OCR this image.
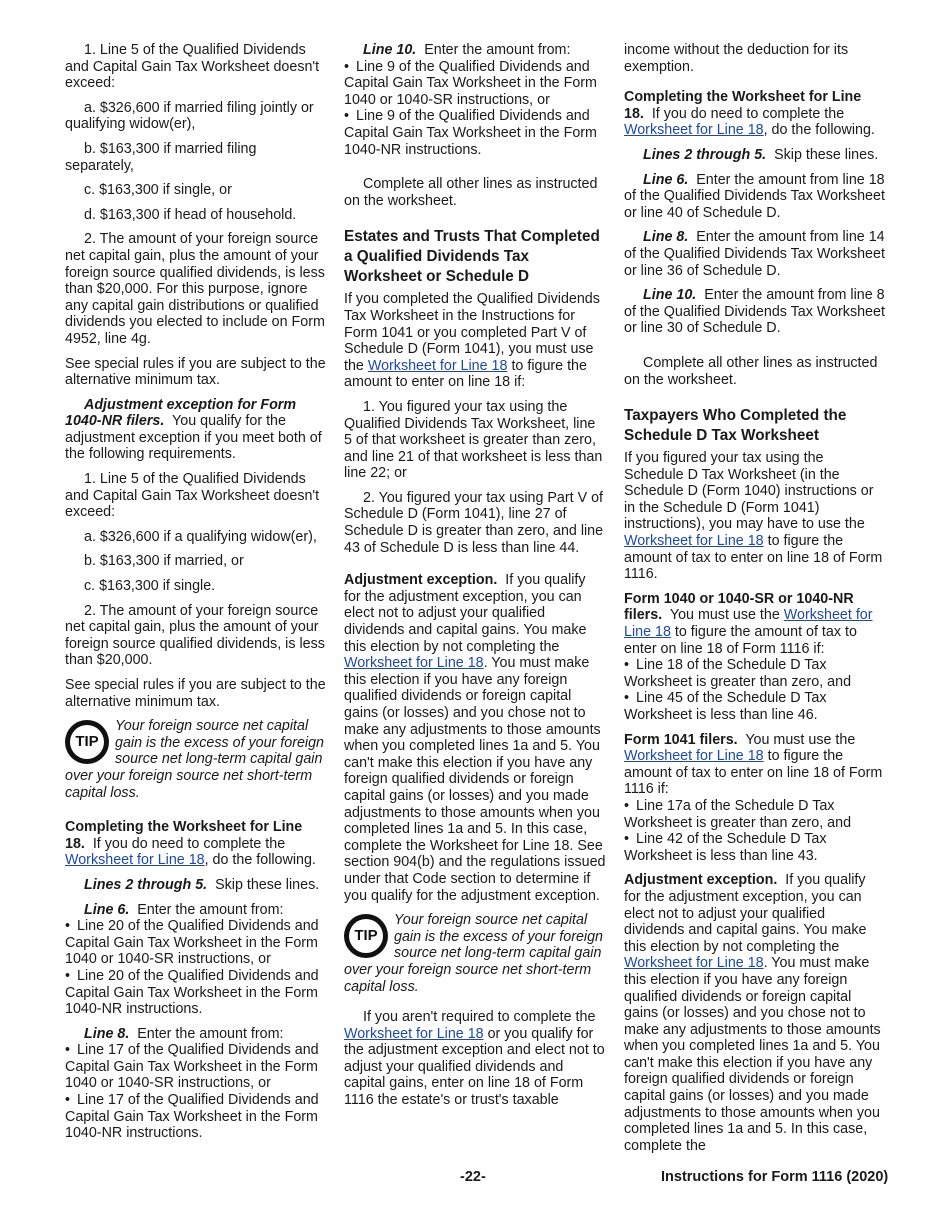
1. Line 5 of the Qualified Dividends and Capital Gain Tax Worksheet doesn't exceed:

a. $326,600 if married filing jointly or qualifying widow(er),

b. $163,300 if married filing separately,

c. $163,300 if single, or

d. $163,300 if head of household.

2. The amount of your foreign source net capital gain, plus the amount of your foreign source qualified dividends, is less than $20,000. For this purpose, ignore any capital gain distributions or qualified dividends you elected to include on Form 4952, line 4g.

See special rules if you are subject to the alternative minimum tax.

Adjustment exception for Form 1040-NR filers. You qualify for the adjustment exception if you meet both of the following requirements.

1. Line 5 of the Qualified Dividends and Capital Gain Tax Worksheet doesn't exceed:

a. $326,600 if a qualifying widow(er),

b. $163,300 if married, or

c. $163,300 if single.

2. The amount of your foreign source net capital gain, plus the amount of your foreign source qualified dividends, is less than $20,000.

See special rules if you are subject to the alternative minimum tax.

TIP
Your foreign source net capital gain is the excess of your foreign source net long-term capital gain over your foreign source net short-term capital loss.
Completing the Worksheet for Line 18. If you do need to complete the Worksheet for Line 18, do the following.

Lines 2 through 5. Skip these lines.

Line 6. Enter the amount from:

• Line 20 of the Qualified Dividends and Capital Gain Tax Worksheet in the Form 1040 or 1040-SR instructions, or

• Line 20 of the Qualified Dividends and Capital Gain Tax Worksheet in the Form 1040-NR instructions.

Line 8. Enter the amount from:

• Line 17 of the Qualified Dividends and Capital Gain Tax Worksheet in the Form 1040 or 1040-SR instructions, or

• Line 17 of the Qualified Dividends and Capital Gain Tax Worksheet in the Form 1040-NR instructions.

Line 10. Enter the amount from:

• Line 9 of the Qualified Dividends and Capital Gain Tax Worksheet in the Form 1040 or 1040-SR instructions, or

• Line 9 of the Qualified Dividends and Capital Gain Tax Worksheet in the Form 1040-NR instructions.

Complete all other lines as instructed on the worksheet.

Estates and Trusts That Completed a Qualified Dividends Tax Worksheet or Schedule D

If you completed the Qualified Dividends Tax Worksheet in the Instructions for Form 1041 or you completed Part V of Schedule D (Form 1041), you must use the Worksheet for Line 18 to figure the amount to enter on line 18 if:

1. You figured your tax using the Qualified Dividends Tax Worksheet, line 5 of that worksheet is greater than zero, and line 21 of that worksheet is less than line 22; or

2. You figured your tax using Part V of Schedule D (Form 1041), line 27 of Schedule D is greater than zero, and line 43 of Schedule D is less than line 44.

Adjustment exception. If you qualify for the adjustment exception, you can elect not to adjust your qualified dividends and capital gains. You make this election by not completing the Worksheet for Line 18. You must make this election if you have any foreign qualified dividends or foreign capital gains (or losses) and you chose not to make any adjustments to those amounts when you completed lines 1a and 5. You can't make this election if you have any foreign qualified dividends or foreign capital gains (or losses) and you made adjustments to those amounts when you completed lines 1a and 5. In this case, complete the Worksheet for Line 18. See section 904(b) and the regulations issued under that Code section to determine if you qualify for the adjustment exception.

TIP
Your foreign source net capital gain is the excess of your foreign source net long-term capital gain over your foreign source net short-term capital loss.

If you aren't required to complete the Worksheet for Line 18 or you qualify for the adjustment exception and elect not to adjust your qualified dividends and capital gains, enter on line 18 of Form 1116 the estate's or trust's taxable

income without the deduction for its exemption.

Completing the Worksheet for Line 18. If you do need to complete the Worksheet for Line 18, do the following.

Lines 2 through 5. Skip these lines.

Line 6. Enter the amount from line 18 of the Qualified Dividends Tax Worksheet or line 40 of Schedule D.

Line 8. Enter the amount from line 14 of the Qualified Dividends Tax Worksheet or line 36 of Schedule D.

Line 10. Enter the amount from line 8 of the Qualified Dividends Tax Worksheet or line 30 of Schedule D.

Complete all other lines as instructed on the worksheet.

Taxpayers Who Completed the Schedule D Tax Worksheet

If you figured your tax using the Schedule D Tax Worksheet (in the Schedule D (Form 1040) instructions or in the Schedule D (Form 1041) instructions), you may have to use the Worksheet for Line 18 to figure the amount of tax to enter on line 18 of Form 1116.

Form 1040 or 1040-SR or 1040-NR filers. You must use the Worksheet for Line 18 to figure the amount of tax to enter on line 18 of Form 1116 if:

• Line 18 of the Schedule D Tax Worksheet is greater than zero, and

• Line 45 of the Schedule D Tax Worksheet is less than line 46.

Form 1041 filers. You must use the Worksheet for Line 18 to figure the amount of tax to enter on line 18 of Form 1116 if:

• Line 17a of the Schedule D Tax Worksheet is greater than zero, and

• Line 42 of the Schedule D Tax Worksheet is less than line 43.

Adjustment exception. If you qualify for the adjustment exception, you can elect not to adjust your qualified dividends and capital gains. You make this election by not completing the Worksheet for Line 18. You must make this election if you have any foreign qualified dividends or foreign capital gains (or losses) and you chose not to make any adjustments to those amounts when you completed lines 1a and 5. You can't make this election if you have any foreign qualified dividends or foreign capital gains (or losses) and you made adjustments to those amounts when you completed lines 1a and 5. In this case, complete the

-22-	Instructions for Form 1116 (2020)
